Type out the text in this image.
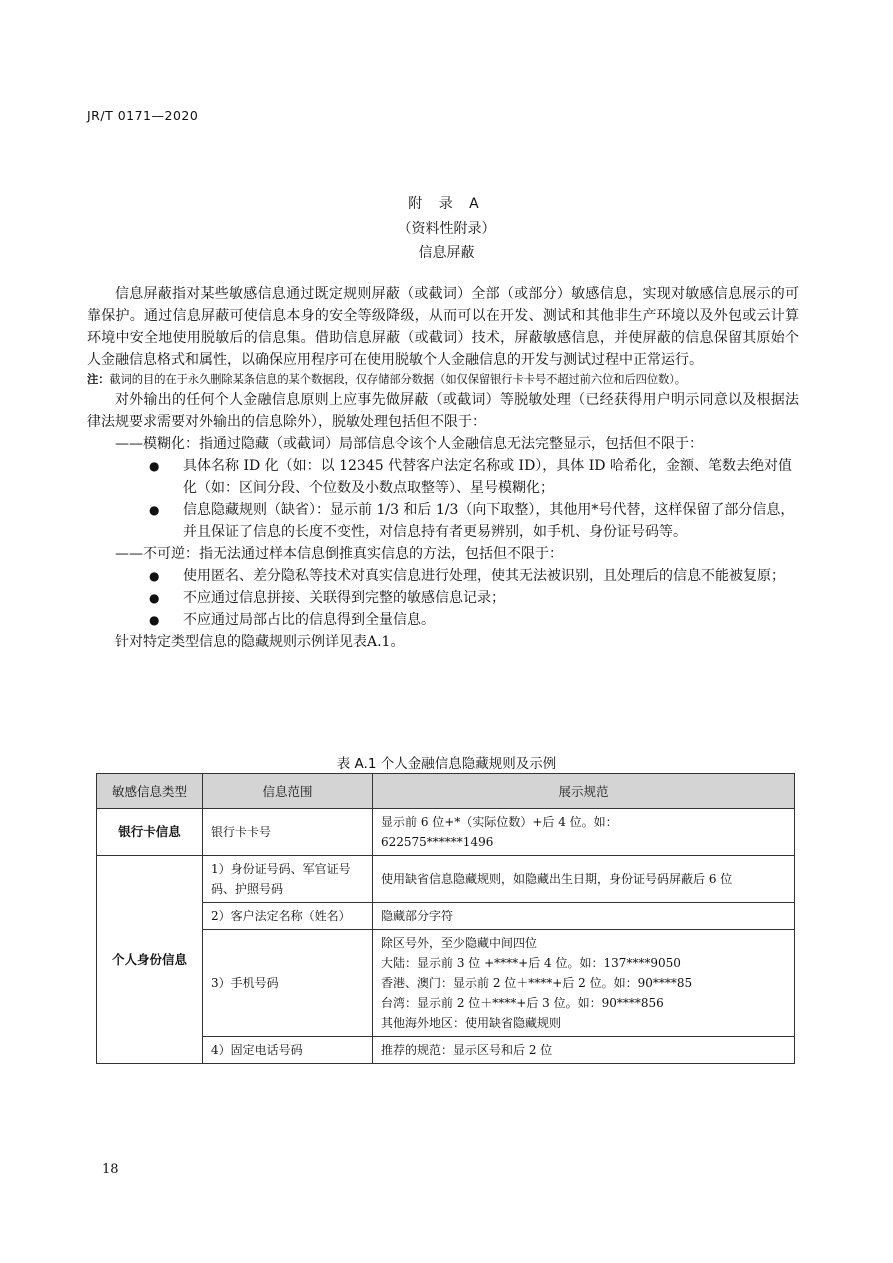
JR/T 0171—2020
附 录 A
（资料性附录）
信息屏蔽

信息屏蔽指对某些敏感信息通过既定规则屏蔽（或截词）全部（或部分）敏感信息，实现对敏感信息展示的可靠保护。通过信息屏蔽可使信息本身的安全等级降级，从而可以在开发、测试和其他非生产环境以及外包或云计算环境中安全地使用脱敏后的信息集。借助信息屏蔽（或截词）技术，屏蔽敏感信息，并使屏蔽的信息保留其原始个人金融信息格式和属性，以确保应用程序可在使用脱敏个人金融信息的开发与测试过程中正常运行。

注：截词的目的在于永久删除某条信息的某个数据段，仅存储部分数据（如仅保留银行卡卡号不超过前六位和后四位数）。

对外输出的任何个人金融信息原则上应事先做屏蔽（或截词）等脱敏处理（已经获得用户明示同意以及根据法律法规要求需要对外输出的信息除外），脱敏处理包括但不限于：

——模糊化：指通过隐藏（或截词）局部信息令该个人金融信息无法完整显示，包括但不限于：

● 具体名称 ID 化（如：以 12345 代替客户法定名称或 ID），具体 ID 哈希化，金额、笔数去绝对值化（如：区间分段、个位数及小数点取整等）、星号模糊化；

● 信息隐藏规则（缺省）：显示前 1/3 和后 1/3（向下取整），其他用*号代替，这样保留了部分信息，并且保证了信息的长度不变性，对信息持有者更易辨别，如手机、身份证号码等。

——不可逆：指无法通过样本信息倒推真实信息的方法，包括但不限于：

● 使用匿名、差分隐私等技术对真实信息进行处理，使其无法被识别，且处理后的信息不能被复原；

● 不应通过信息拼接、关联得到完整的敏感信息记录；

● 不应通过局部占比的信息得到全量信息。

针对特定类型信息的隐藏规则示例详见表A.1。

表 A.1 个人金融信息隐藏规则及示例
敏感信息类型	信息范围	展示规范
银行卡信息	银行卡卡号	显示前 6 位+*（实际位数）+后 4 位。如：
622575******1496

个人身份信息	1）身份证号码、军官证号码、护照号码	使用缺省信息隐藏规则，如隐藏出生日期，身份证号码屏蔽后 6 位
	2）客户法定名称（姓名）	隐藏部分字符
	3）手机号码	除区号外，至少隐藏中间四位
大陆：显示前 3 位 +****+后 4 位。如：137****9050
香港、澳门：显示前 2 位＋****+后 2 位。如：90****85
台湾：显示前 2 位＋****+后 3 位。如：90****856
其他海外地区：使用缺省隐藏规则

	4）固定电话号码	推荐的规范：显示区号和后 2 位
18
